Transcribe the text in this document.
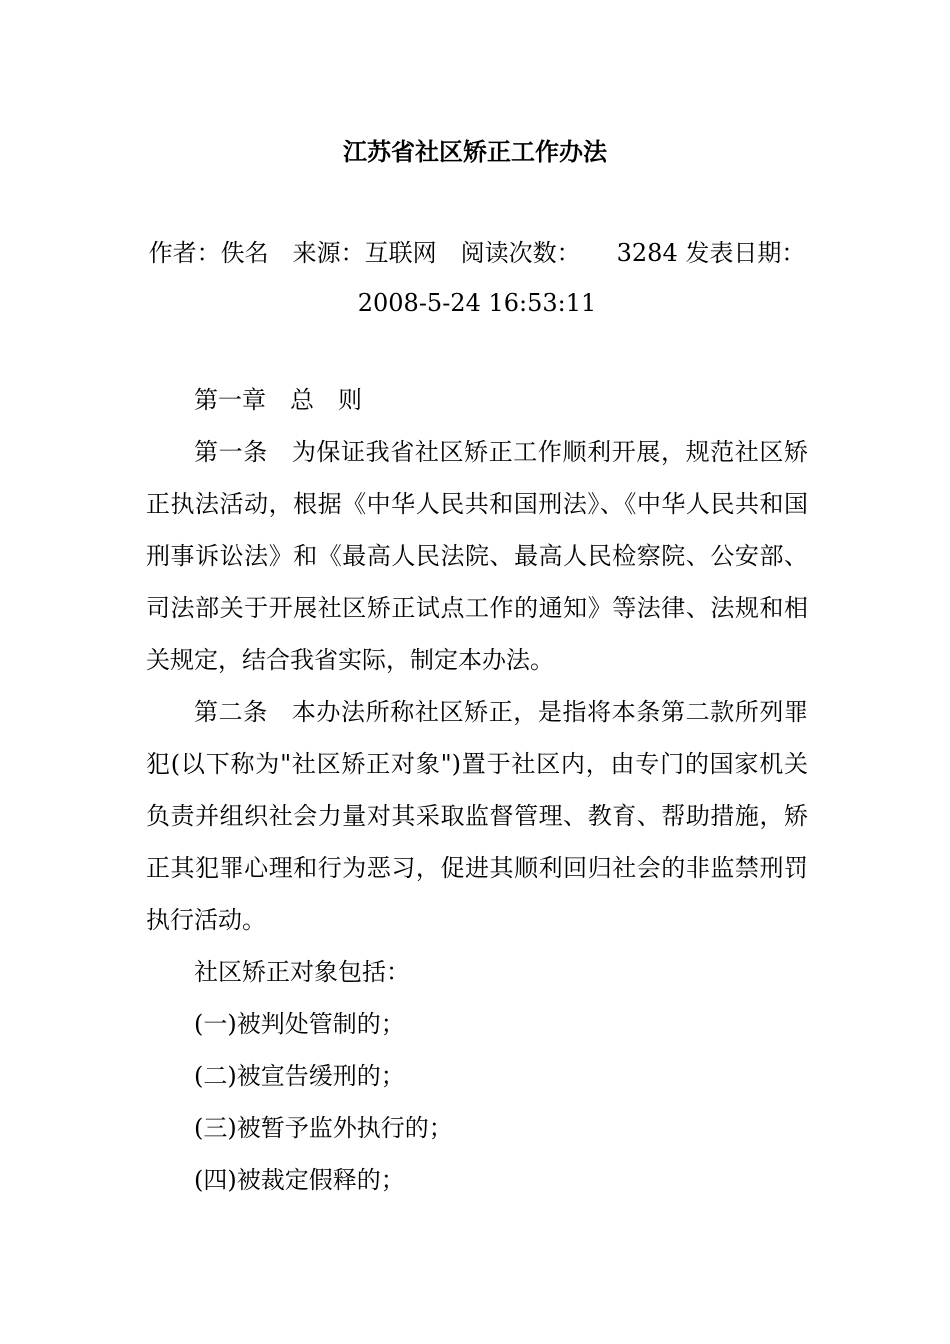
江苏省社区矫正工作办法
作者：佚名 来源：互联网 阅读次数： 3284 发表日期：
2008-5-24 16:53:11

第一章 总 则

第一条 为保证我省社区矫正工作顺利开展，规范社区矫正执法活动，根据《中华人民共和国刑法》、《中华人民共和国刑事诉讼法》和《最高人民法院、最高人民检察院、公安部、司法部关于开展社区矫正试点工作的通知》等法律、法规和相关规定，结合我省实际，制定本办法。

第二条 本办法所称社区矫正，是指将本条第二款所列罪犯(以下称为"社区矫正对象")置于社区内，由专门的国家机关负责并组织社会力量对其采取监督管理、教育、帮助措施，矫正其犯罪心理和行为恶习，促进其顺利回归社会的非监禁刑罚执行活动。

社区矫正对象包括：

(一)被判处管制的；

(二)被宣告缓刑的；

(三)被暂予监外执行的；

(四)被裁定假释的；
